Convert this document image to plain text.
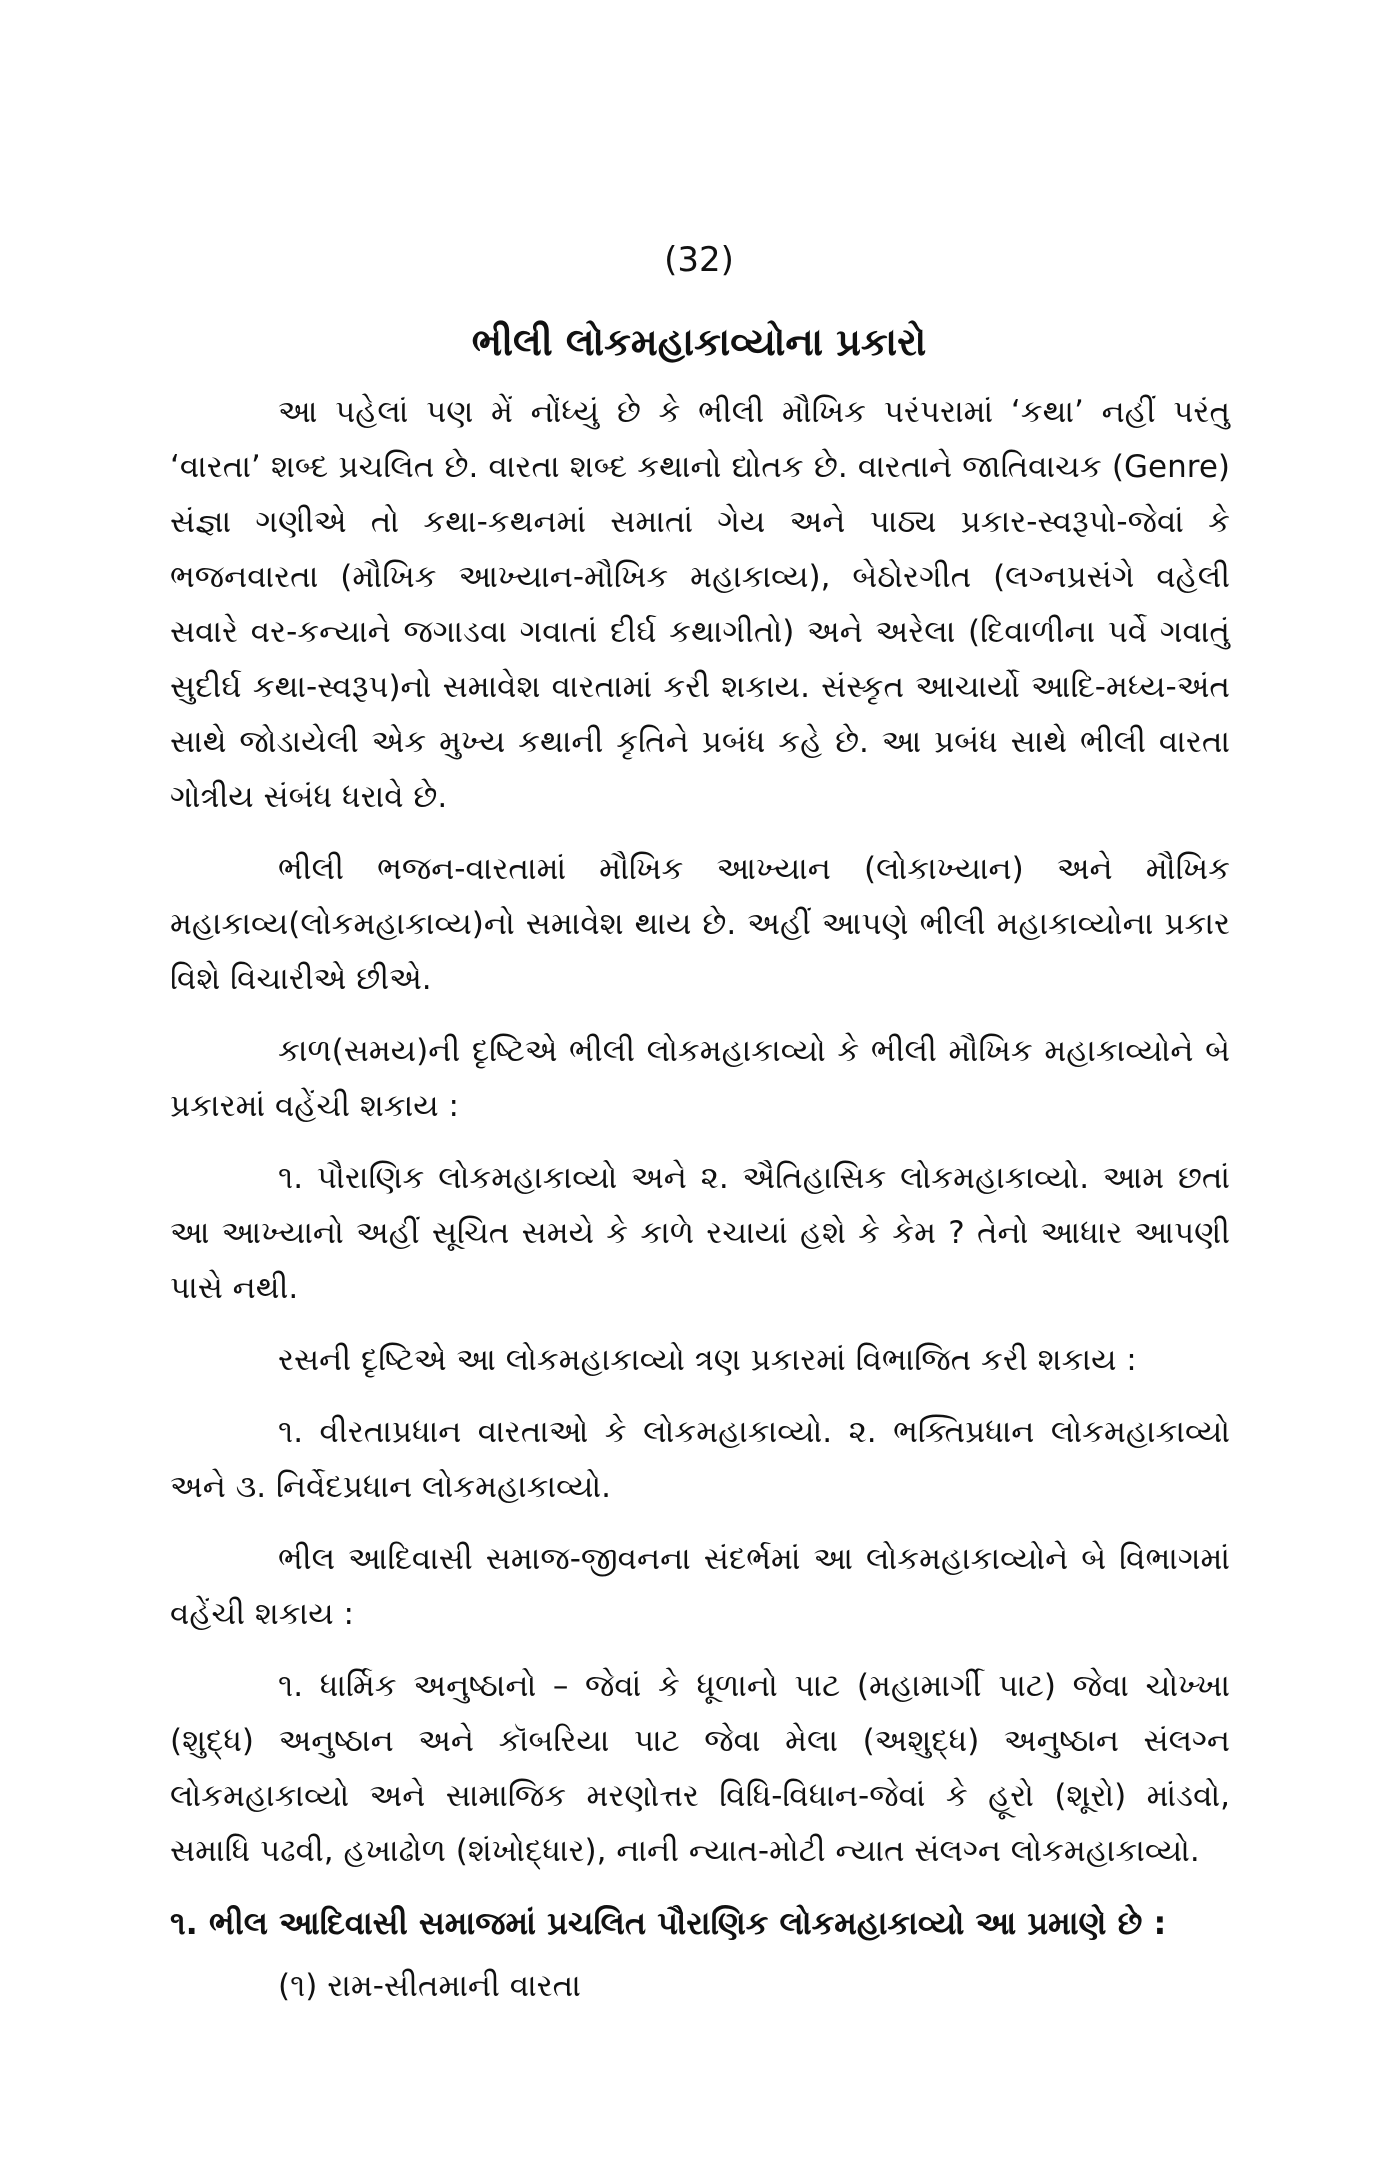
(32)
ભીલી લોકમહાકાવ્યોના પ્રકારો

આ પહેલાં પણ મેં નોંધ્યું છે કે ભીલી મૌખિક પરંપરામાં ‘કથા’ નહીં પરંતુ ‘વારતા’ શબ્દ પ્રચલિત છે. વારતા શબ્દ કથાનો દ્યોતક છે. વારતાને જાતિવાચક (Genre) સંજ્ઞા ગણીએ તો કથા-કથનમાં સમાતાં ગેય અને પાઠ્ય પ્રકાર-સ્વરૂપો-જેવાં કે ભજનવારતા (મૌખિક આખ્યાન-મૌખિક મહાકાવ્ય), બેઠોરગીત (લગ્નપ્રસંગે વહેલી સવારે વર-કન્યાને જગાડવા ગવાતાં દીર્ઘ કથાગીતો) અને અરેલા (દિવાળીના પર્વે ગવાતું સુદીર્ઘ કથા-સ્વરૂપ)નો સમાવેશ વારતામાં કરી શકાય. સંસ્કૃત આચાર્યો આદિ-મધ્ય-અંત સાથે જોડાયેલી એક મુખ્ય કથાની કૃતિને પ્રબંધ કહે છે. આ પ્રબંધ સાથે ભીલી વારતા ગોત્રીય સંબંધ ધરાવે છે.

ભીલી ભજન-વારતામાં મૌખિક આખ્યાન (લોકાખ્યાન) અને મૌખિક મહાકાવ્ય(લોકમહાકાવ્ય)નો સમાવેશ થાય છે. અહીં આપણે ભીલી મહાકાવ્યોના પ્રકાર વિશે વિચારીએ છીએ.

કાળ(સમય)ની દૃષ્ટિએ ભીલી લોકમહાકાવ્યો કે ભીલી મૌખિક મહાકાવ્યોને બે પ્રકારમાં વહેંચી શકાય :

૧. પૌરાણિક લોકમહાકાવ્યો અને ૨. ઐતિહાસિક લોકમહાકાવ્યો. આમ છતાં આ આખ્યાનો અહીં સૂચિત સમયે કે કાળે રચાયાં હશે કે કેમ ? તેનો આધાર આપણી પાસે નથી.

રસની દૃષ્ટિએ આ લોકમહાકાવ્યો ત્રણ પ્રકારમાં વિભાજિત કરી શકાય :

૧. વીરતાપ્રધાન વારતાઓ કે લોકમહાકાવ્યો. ૨. ભક્તિપ્રધાન લોકમહાકાવ્યો અને ૩. નિર્વેદપ્રધાન લોકમહાકાવ્યો.

ભીલ આદિવાસી સમાજ-જીવનના સંદર્ભમાં આ લોકમહાકાવ્યોને બે વિભાગમાં વહેંચી શકાય :

૧. ધાર્મિક અનુષ્ઠાનો – જેવાં કે ધૂળાનો પાટ (મહામાર્ગી પાટ) જેવા ચોખ્ખા (શુદ્ધ) અનુષ્ઠાન અને કૉબરિયા પાટ જેવા મેલા (અશુદ્ધ) અનુષ્ઠાન સંલગ્ન લોકમહાકાવ્યો અને સામાજિક મરણોત્તર વિધિ-વિધાન-જેવાં કે હૂરો (શૂરો) માંડવો, સમાધિ પઢવી, હખાઢોળ (શંખોદ્ધાર), નાની ન્યાત-મોટી ન્યાત સંલગ્ન લોકમહાકાવ્યો.

૧. ભીલ આદિવાસી સમાજમાં પ્રચલિત પૌરાણિક લોકમહાકાવ્યો આ પ્રમાણે છે :

(૧) રામ-સીતમાની વારતા
